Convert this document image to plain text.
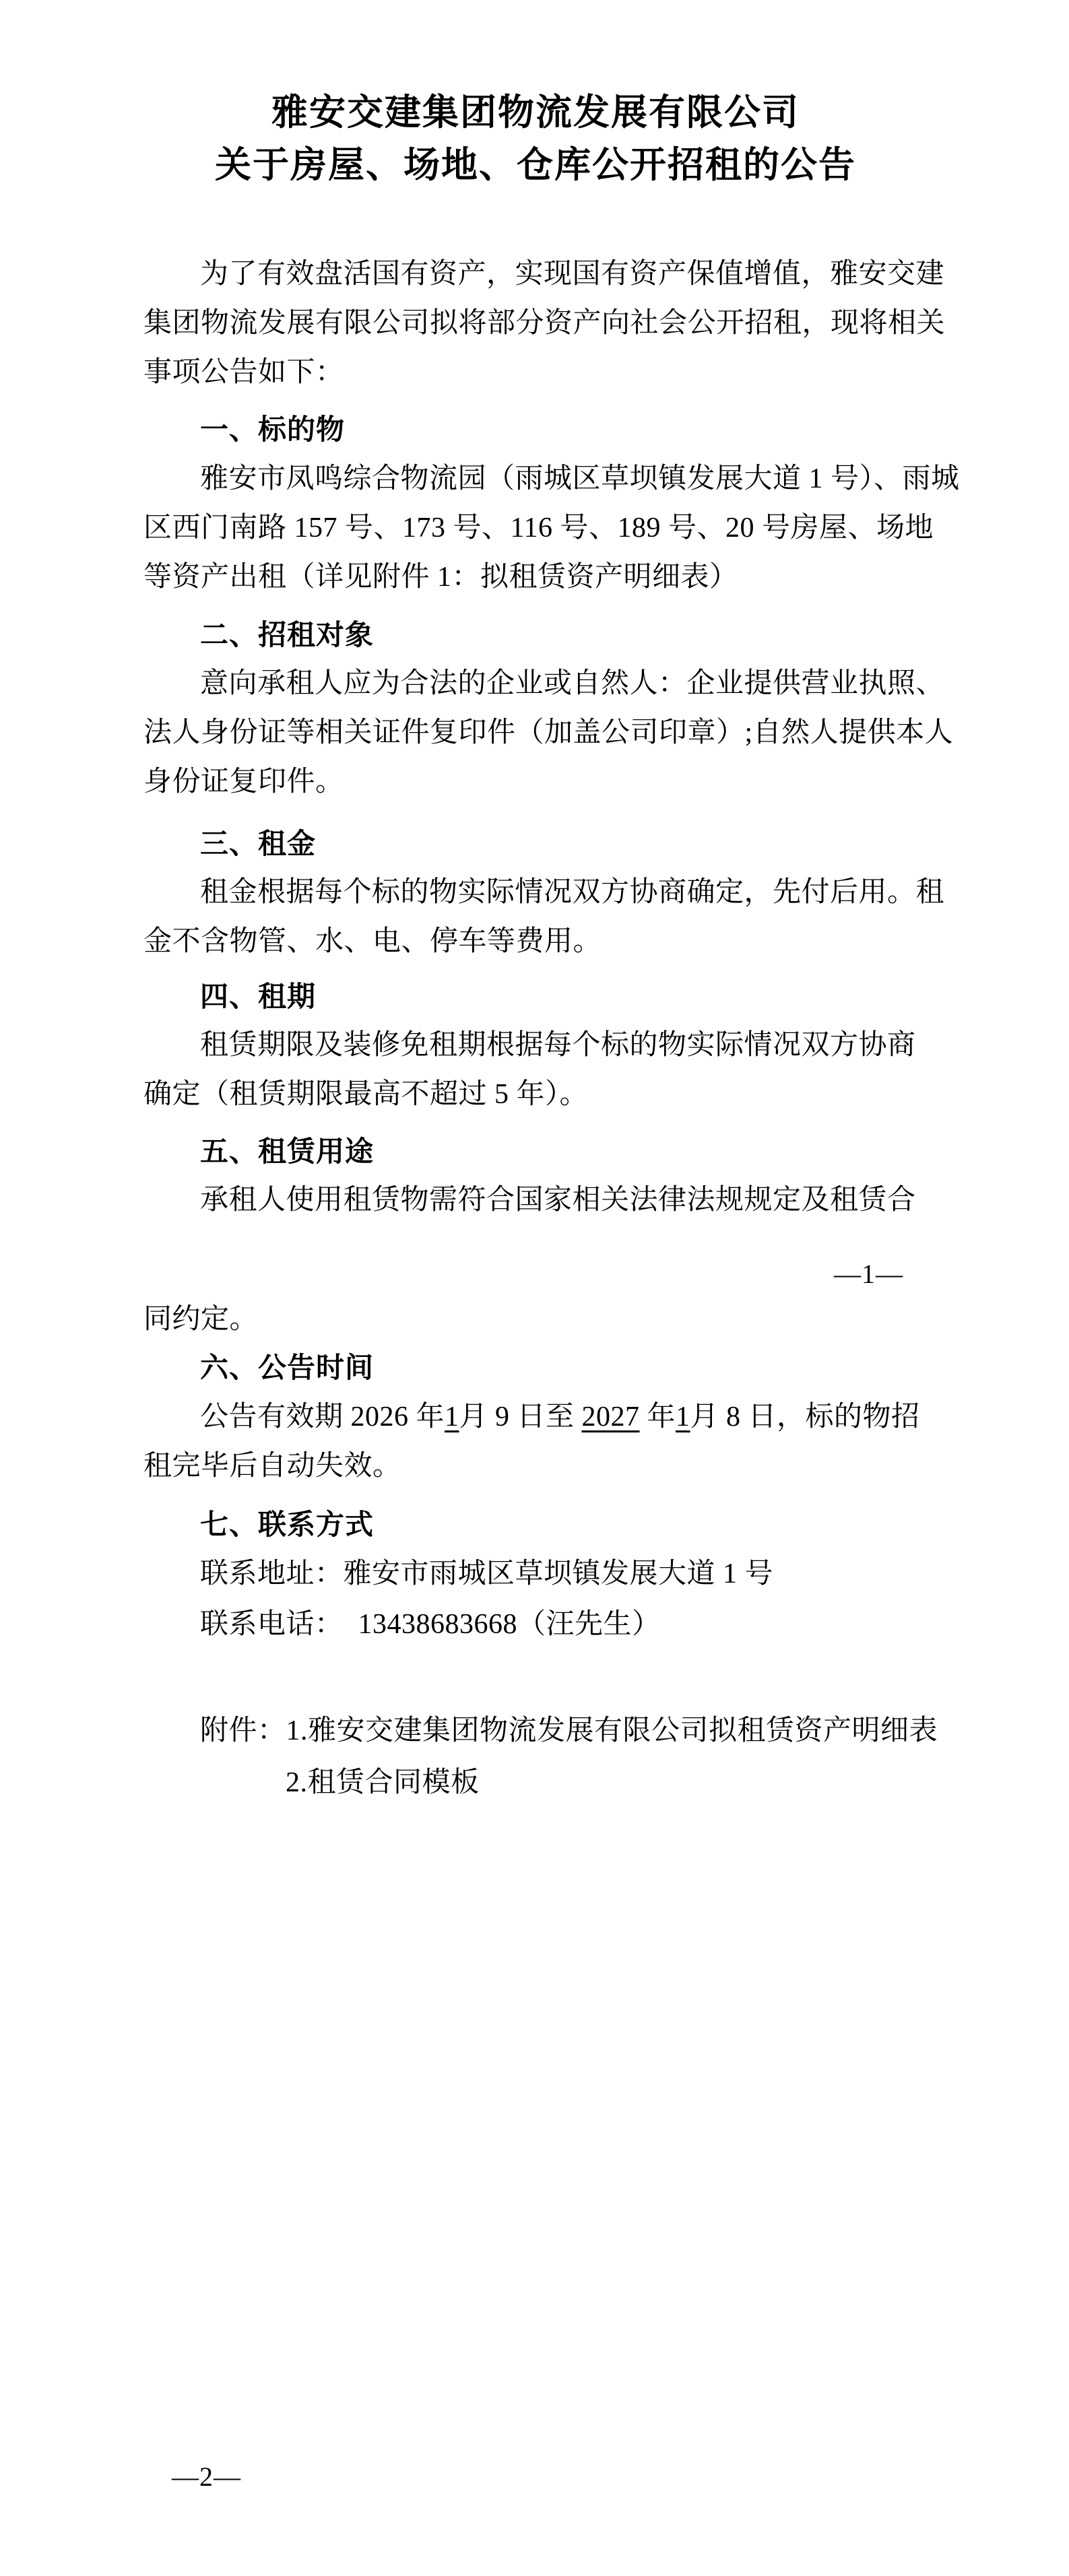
雅安交建集团物流发展有限公司
关于房屋、场地、仓库公开招租的公告
为了有效盘活国有资产，实现国有资产保值增值，雅安交建
集团物流发展有限公司拟将部分资产向社会公开招租，现将相关
事项公告如下：
一、标的物
雅安市凤鸣综合物流园（雨城区草坝镇发展大道 1 号）、雨城
区西门南路 157 号、173 号、116 号、189 号、20 号房屋、场地
等资产出租（详见附件 1：拟租赁资产明细表）
二、招租对象
意向承租人应为合法的企业或自然人：企业提供营业执照、
法人身份证等相关证件复印件（加盖公司印章）;自然人提供本人
身份证复印件。
三、租金
租金根据每个标的物实际情况双方协商确定，先付后用。租
金不含物管、水、电、停车等费用。
四、租期
租赁期限及装修免租期根据每个标的物实际情况双方协商
确定（租赁期限最高不超过 5 年）。
五、租赁用途
承租人使用租赁物需符合国家相关法律法规规定及租赁合
—1—
同约定。
六、公告时间
公告有效期 2026 年1月 9 日至 2027 年1月 8 日，标的物招
租完毕后自动失效。
七、联系方式
联系地址：雅安市雨城区草坝镇发展大道 1 号
联系电话：  13438683668（汪先生）
附件：1.雅安交建集团物流发展有限公司拟租赁资产明细表
2.租赁合同模板
—2—
